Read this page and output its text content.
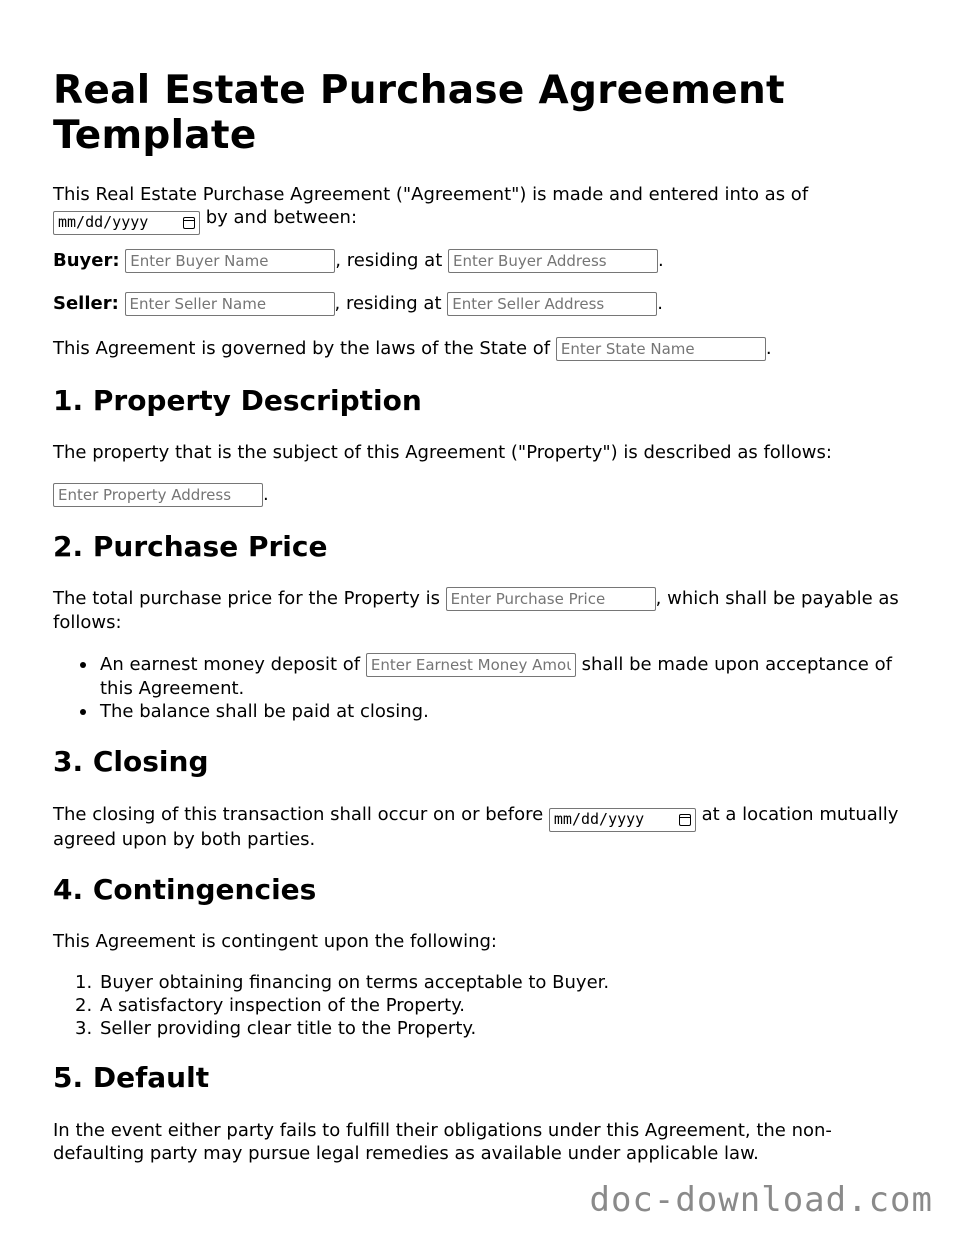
Real Estate Purchase Agreement Template

This Real Estate Purchase Agreement ("Agreement") is made and entered into as of

mm/dd/yyyy	by and between:

Buyer: Enter Buyer Name	, residing at Enter Buyer Address	.

Seller: Enter Seller Name	, residing at Enter Seller Address	.

This Agreement is governed by the laws of the State of Enter State Name	.

1. Property Description

The property that is the subject of this Agreement ("Property") is described as follows:

Enter Property Address.

2. Purchase Price

The total purchase price for the Property is Enter Purchase Price	, which shall be payable as follows:

An earnest money deposit of Enter Earnest Money Amount	shall be made upon acceptance of this Agreement.
The balance shall be paid at closing.
3. Closing

The closing of this transaction shall occur on or before mm/dd/yyyy	at a location mutually agreed upon by both parties.

4. Contingencies

This Agreement is contingent upon the following:

1. Buyer obtaining financing on terms acceptable to Buyer.
2. A satisfactory inspection of the Property.
3. Seller providing clear title to the Property.
5. Default

In the event either party fails to fulfill their obligations under this Agreement, the non-defaulting party may pursue legal remedies as available under applicable law.

doc-download.com
